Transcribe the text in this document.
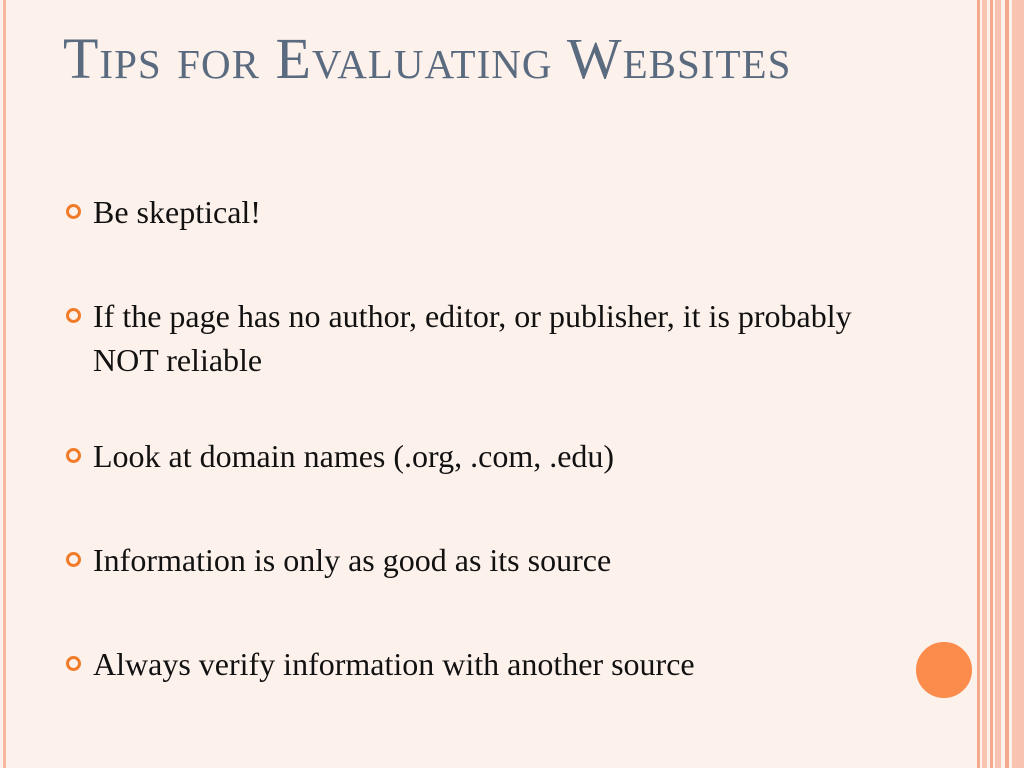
Tips for Evaluating Websites
Be skeptical!
If the page has no author, editor, or publisher, it is probably NOT reliable
Look at domain names (.org, .com, .edu)
Information is only as good as its source
Always verify information with another source
